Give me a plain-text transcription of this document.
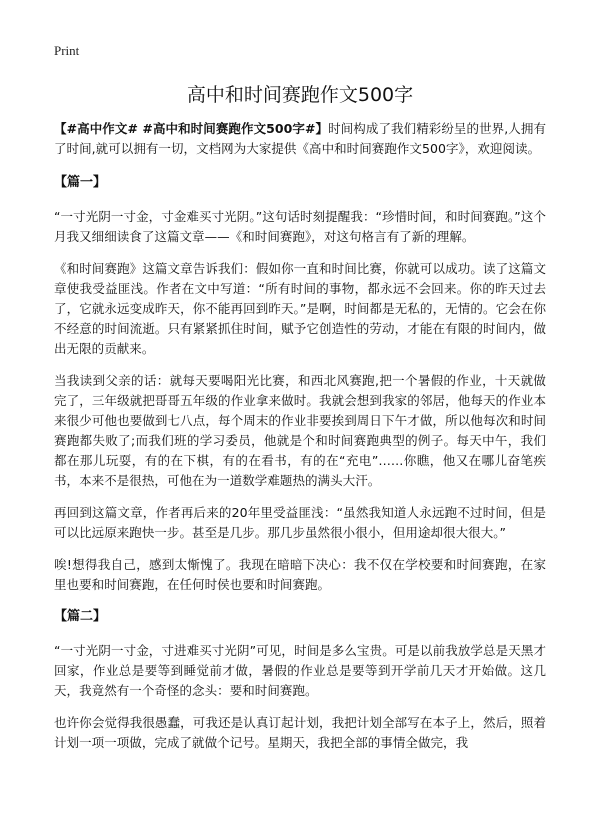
Print
高中和时间赛跑作文500字

【#高中作文# #高中和时间赛跑作文500字#】时间构成了我们精彩纷呈的世界,人拥有了时间,就可以拥有一切，文档网为大家提供《高中和时间赛跑作文500字》，欢迎阅读。

【篇一】

“一寸光阴一寸金，寸金难买寸光阴。”这句话时刻提醒我：“珍惜时间，和时间赛跑。”这个月我又细细读食了这篇文章——《和时间赛跑》，对这句格言有了新的理解。

《和时间赛跑》这篇文章告诉我们：假如你一直和时间比赛，你就可以成功。读了这篇文章使我受益匪浅。作者在文中写道：“所有时间的事物，都永远不会回来。你的昨天过去了，它就永远变成昨天，你不能再回到昨天。”是啊，时间都是无私的，无情的。它会在你不经意的时间流逝。只有紧紧抓住时间，赋予它创造性的劳动，才能在有限的时间内，做出无限的贡献来。

当我读到父亲的话：就每天要喝阳光比赛，和西北风赛跑,把一个暑假的作业，十天就做完了，三年级就把哥哥五年级的作业拿来做时。我就会想到我家的邻居，他每天的作业本来很少可他也要做到七八点，每个周末的作业非要挨到周日下午才做，所以他每次和时间赛跑都失败了;而我们班的学习委员，他就是个和时间赛跑典型的例子。每天中午，我们都在那儿玩耍，有的在下棋，有的在看书，有的在“充电”……你瞧，他又在哪儿奋笔疾书，本来不是很热，可他在为一道数学难题热的满头大汗。

再回到这篇文章，作者再后来的20年里受益匪浅：“虽然我知道人永远跑不过时间，但是可以比远原来跑快一步。甚至是几步。那几步虽然很小很小，但用途却很大很大。”

唉!想得我自己，感到太惭愧了。我现在暗暗下决心：我不仅在学校要和时间赛跑，在家里也要和时间赛跑，在任何时侯也要和时间赛跑。

【篇二】

“一寸光阴一寸金，寸进难买寸光阴”可见，时间是多么宝贵。可是以前我放学总是天黑才回家，作业总是要等到睡觉前才做，暑假的作业总是要等到开学前几天才开始做。这几天，我竟然有一个奇怪的念头：要和时间赛跑。

也许你会觉得我很愚蠢，可我还是认真订起计划，我把计划全部写在本子上，然后，照着计划一项一项做，完成了就做个记号。星期天，我把全部的事情全做完，我
